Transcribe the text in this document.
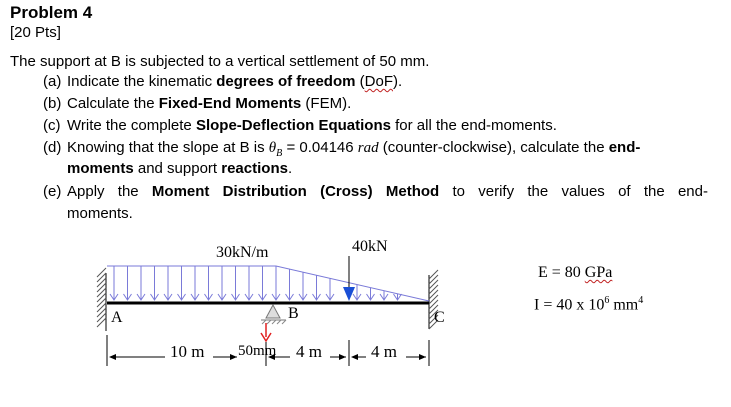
Problem 4
[20 Pts]
The support at B is subjected to a vertical settlement of 50 mm.
(a) Indicate the kinematic degrees of freedom (DoF).
(b) Calculate the Fixed-End Moments (FEM).
(c) Write the complete Slope-Deflection Equations for all the end-moments.
(d) Knowing that the slope at B is $\theta_B = 0.04146$ rad (counter-clockwise), calculate the end-
moments and support reactions.
(e) Apply the Moment Distribution (Cross) Method to verify the values of the end-
moments.
30kN/m	40kN
A	B	C
10 m 50mm 4 m	4 m
E = 80 GPa
I = 40 x $10^6$ $mm^4$
